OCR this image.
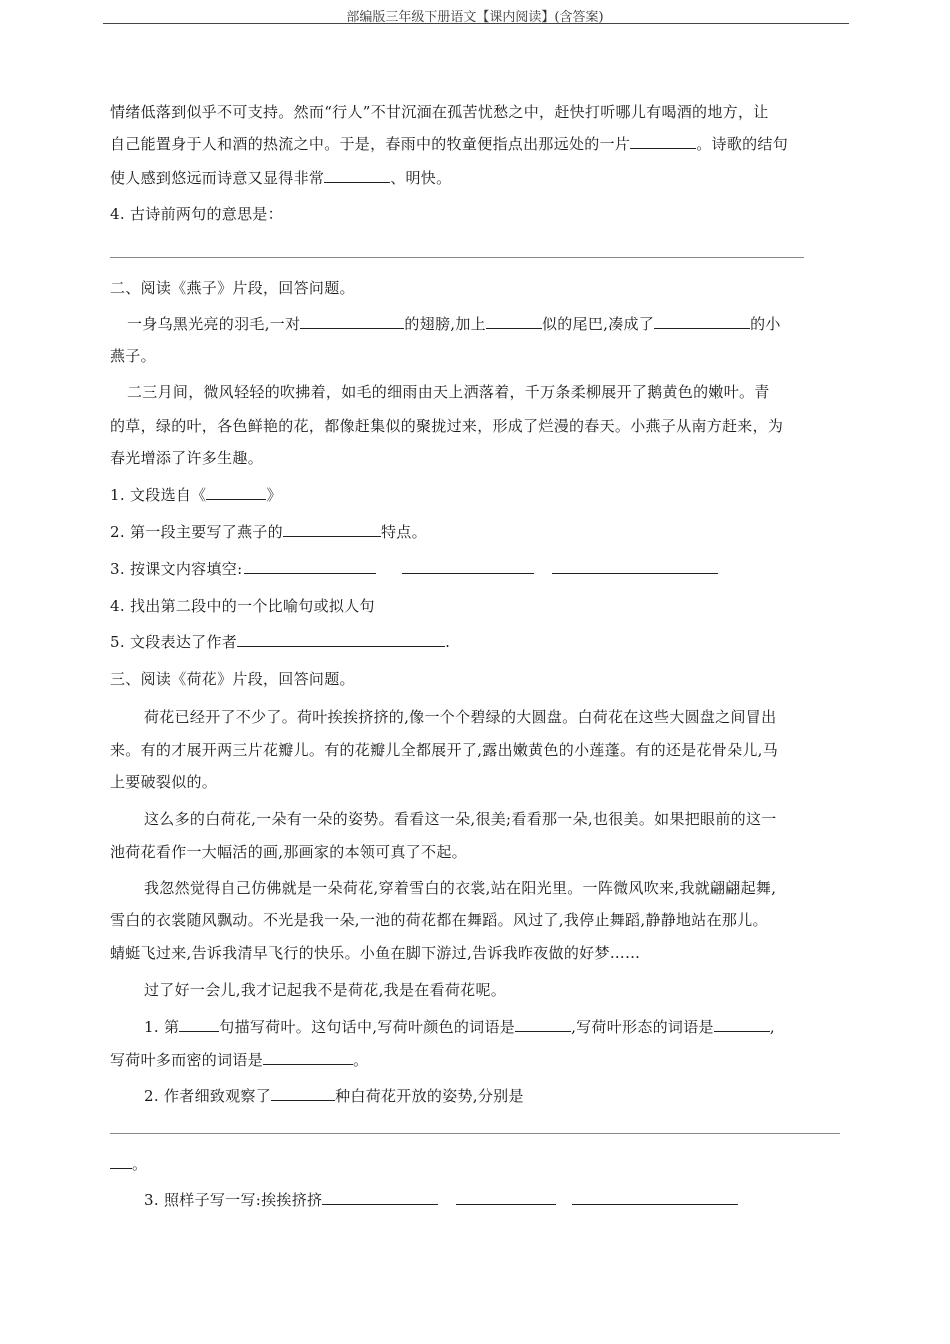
部编版三年级下册语文【课内阅读】(含答案)
情绪低落到似乎不可支持。然而“行人”不甘沉湎在孤苦忧愁之中，赶快打听哪儿有喝酒的地方，让
自己能置身于人和酒的热流之中。于是，春雨中的牧童便指点出那远处的一片	。诗歌的结句
使人感到悠远而诗意又显得非常	、明快。
4. 古诗前两句的意思是：
二、阅读《燕子》片段，回答问题。
一身乌黑光亮的羽毛,一对	的翅膀,加上	似的尾巴,凑成了	的小
燕子。
二三月间，微风轻轻的吹拂着，如毛的细雨由天上洒落着，千万条柔柳展开了鹅黄色的嫩叶。青
的草，绿的叶，各色鲜艳的花，都像赶集似的聚拢过来，形成了烂漫的春天。小燕子从南方赶来，为
春光增添了许多生趣。
1. 文段选自《	》
2. 第一段主要写了燕子的	特点。
3. 按课文内容填空:
4. 找出第二段中的一个比喻句或拟人句
5. 文段表达了作者	.
三、阅读《荷花》片段，回答问题。
荷花已经开了不少了。荷叶挨挨挤挤的,像一个个碧绿的大圆盘。白荷花在这些大圆盘之间冒出
来。有的才展开两三片花瓣儿。有的花瓣儿全都展开了,露出嫩黄色的小莲蓬。有的还是花骨朵儿,马
上要破裂似的。
这么多的白荷花,一朵有一朵的姿势。看看这一朵,很美;看看那一朵,也很美。如果把眼前的这一
池荷花看作一大幅活的画,那画家的本领可真了不起。
我忽然觉得自己仿佛就是一朵荷花,穿着雪白的衣裳,站在阳光里。一阵微风吹来,我就翩翩起舞,
雪白的衣裳随风飘动。不光是我一朵,一池的荷花都在舞蹈。风过了,我停止舞蹈,静静地站在那儿。
蜻蜓飞过来,告诉我清早飞行的快乐。小鱼在脚下游过,告诉我昨夜做的好梦……
过了好一会儿,我才记起我不是荷花,我是在看荷花呢。
1. 第	句描写荷叶。这句话中,写荷叶颜色的词语是	,写荷叶形态的词语是	,
写荷叶多而密的词语是	。
2. 作者细致观察了	种白荷花开放的姿势,分别是
。
3. 照样子写一写:挨挨挤挤
